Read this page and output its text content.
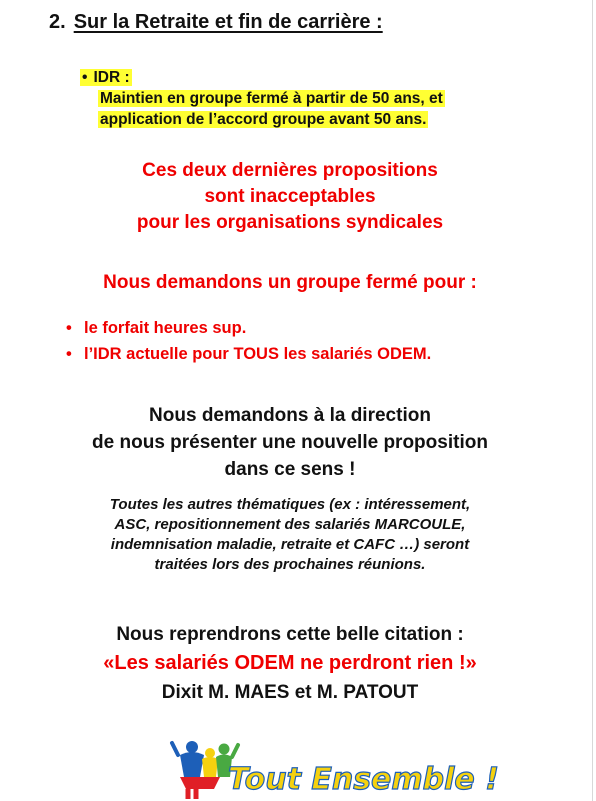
2. Sur la Retraite et fin de carrière :
• IDR :
Maintien en groupe fermé à partir de 50 ans, et
application de l’accord groupe avant 50 ans.
Ces deux dernières propositions
sont inacceptables
pour les organisations syndicales
Nous demandons un groupe fermé pour :
• le forfait heures sup.
• l’IDR actuelle pour TOUS les salariés ODEM.
Nous demandons à la direction
de nous présenter une nouvelle proposition
dans ce sens !
Toutes les autres thématiques (ex : intéressement,
ASC, repositionnement des salariés MARCOULE,
indemnisation maladie, retraite et CAFC …) seront
traitées lors des prochaines réunions.
Nous reprendrons cette belle citation :
«Les salariés ODEM ne perdront rien !»
Dixit M. MAES et M. PATOUT
Tout Ensemble !
